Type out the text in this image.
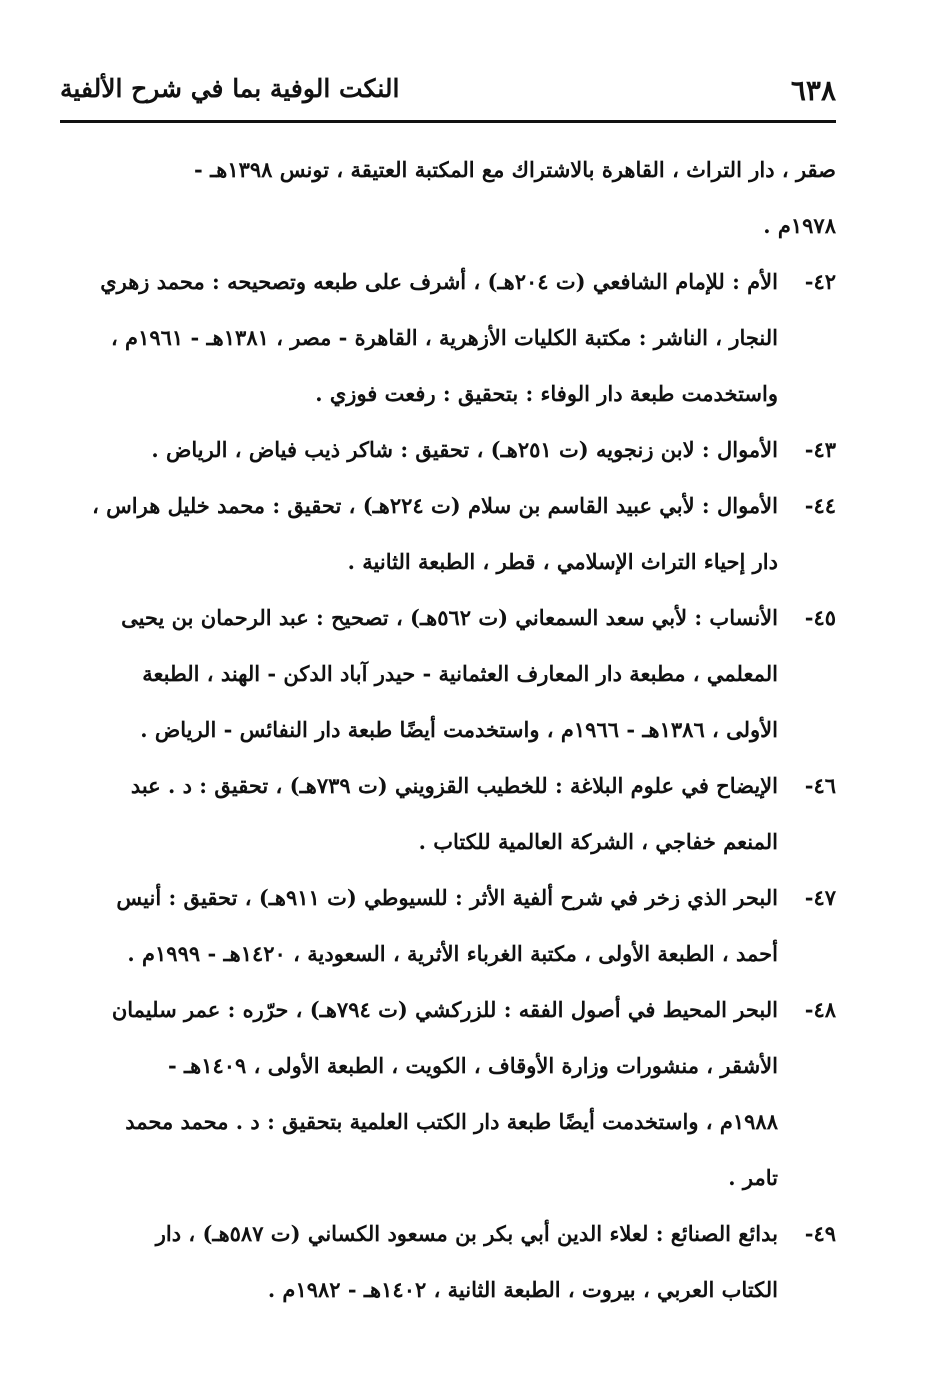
٦٣٨
النكت الوفية بما في شرح الألفية

صقر ، دار التراث ، القاهرة بالاشتراك مع المكتبة العتيقة ، تونس ١٣٩٨هـ -
١٩٧٨م .

٤٢-الأم : للإمام الشافعي (ت ٢٠٤هـ) ، أشرف على طبعه وتصحيحه : محمد زهري
النجار ، الناشر : مكتبة الكليات الأزهرية ، القاهرة - مصر ، ١٣٨١هـ - ١٩٦١م ،
واستخدمت طبعة دار الوفاء : بتحقيق : رفعت فوزي .

٤٣-الأموال : لابن زنجويه (ت ٢٥١هـ) ، تحقيق : شاكر ذيب فياض ، الرياض .

٤٤-الأموال : لأبي عبيد القاسم بن سلام (ت ٢٢٤هـ) ، تحقيق : محمد خليل هراس ،
دار إحياء التراث الإسلامي ، قطر ، الطبعة الثانية .

٤٥-الأنساب : لأبي سعد السمعاني (ت ٥٦٢هـ) ، تصحيح : عبد الرحمان بن يحيى
المعلمي ، مطبعة دار المعارف العثمانية - حيدر آباد الدكن - الهند ، الطبعة
الأولى ، ١٣٨٦هـ - ١٩٦٦م ، واستخدمت أيضًا طبعة دار النفائس - الرياض .

٤٦-الإيضاح في علوم البلاغة : للخطيب القزويني (ت ٧٣٩هـ) ، تحقيق : د . عبد
المنعم خفاجي ، الشركة العالمية للكتاب .

٤٧-البحر الذي زخر في شرح ألفية الأثر : للسيوطي (ت ٩١١هـ) ، تحقيق : أنيس
أحمد ، الطبعة الأولى ، مكتبة الغرباء الأثرية ، السعودية ، ١٤٢٠هـ - ١٩٩٩م .

٤٨-البحر المحيط في أصول الفقه : للزركشي (ت ٧٩٤هـ) ، حرّره : عمر سليمان
الأشقر ، منشورات وزارة الأوقاف ، الكويت ، الطبعة الأولى ، ١٤٠٩هـ -
١٩٨٨م ، واستخدمت أيضًا طبعة دار الكتب العلمية بتحقيق : د . محمد محمد
تامر .

٤٩-بدائع الصنائع : لعلاء الدين أبي بكر بن مسعود الكساني (ت ٥٨٧هـ) ، دار
الكتاب العربي ، بيروت ، الطبعة الثانية ، ١٤٠٢هـ - ١٩٨٢م .
